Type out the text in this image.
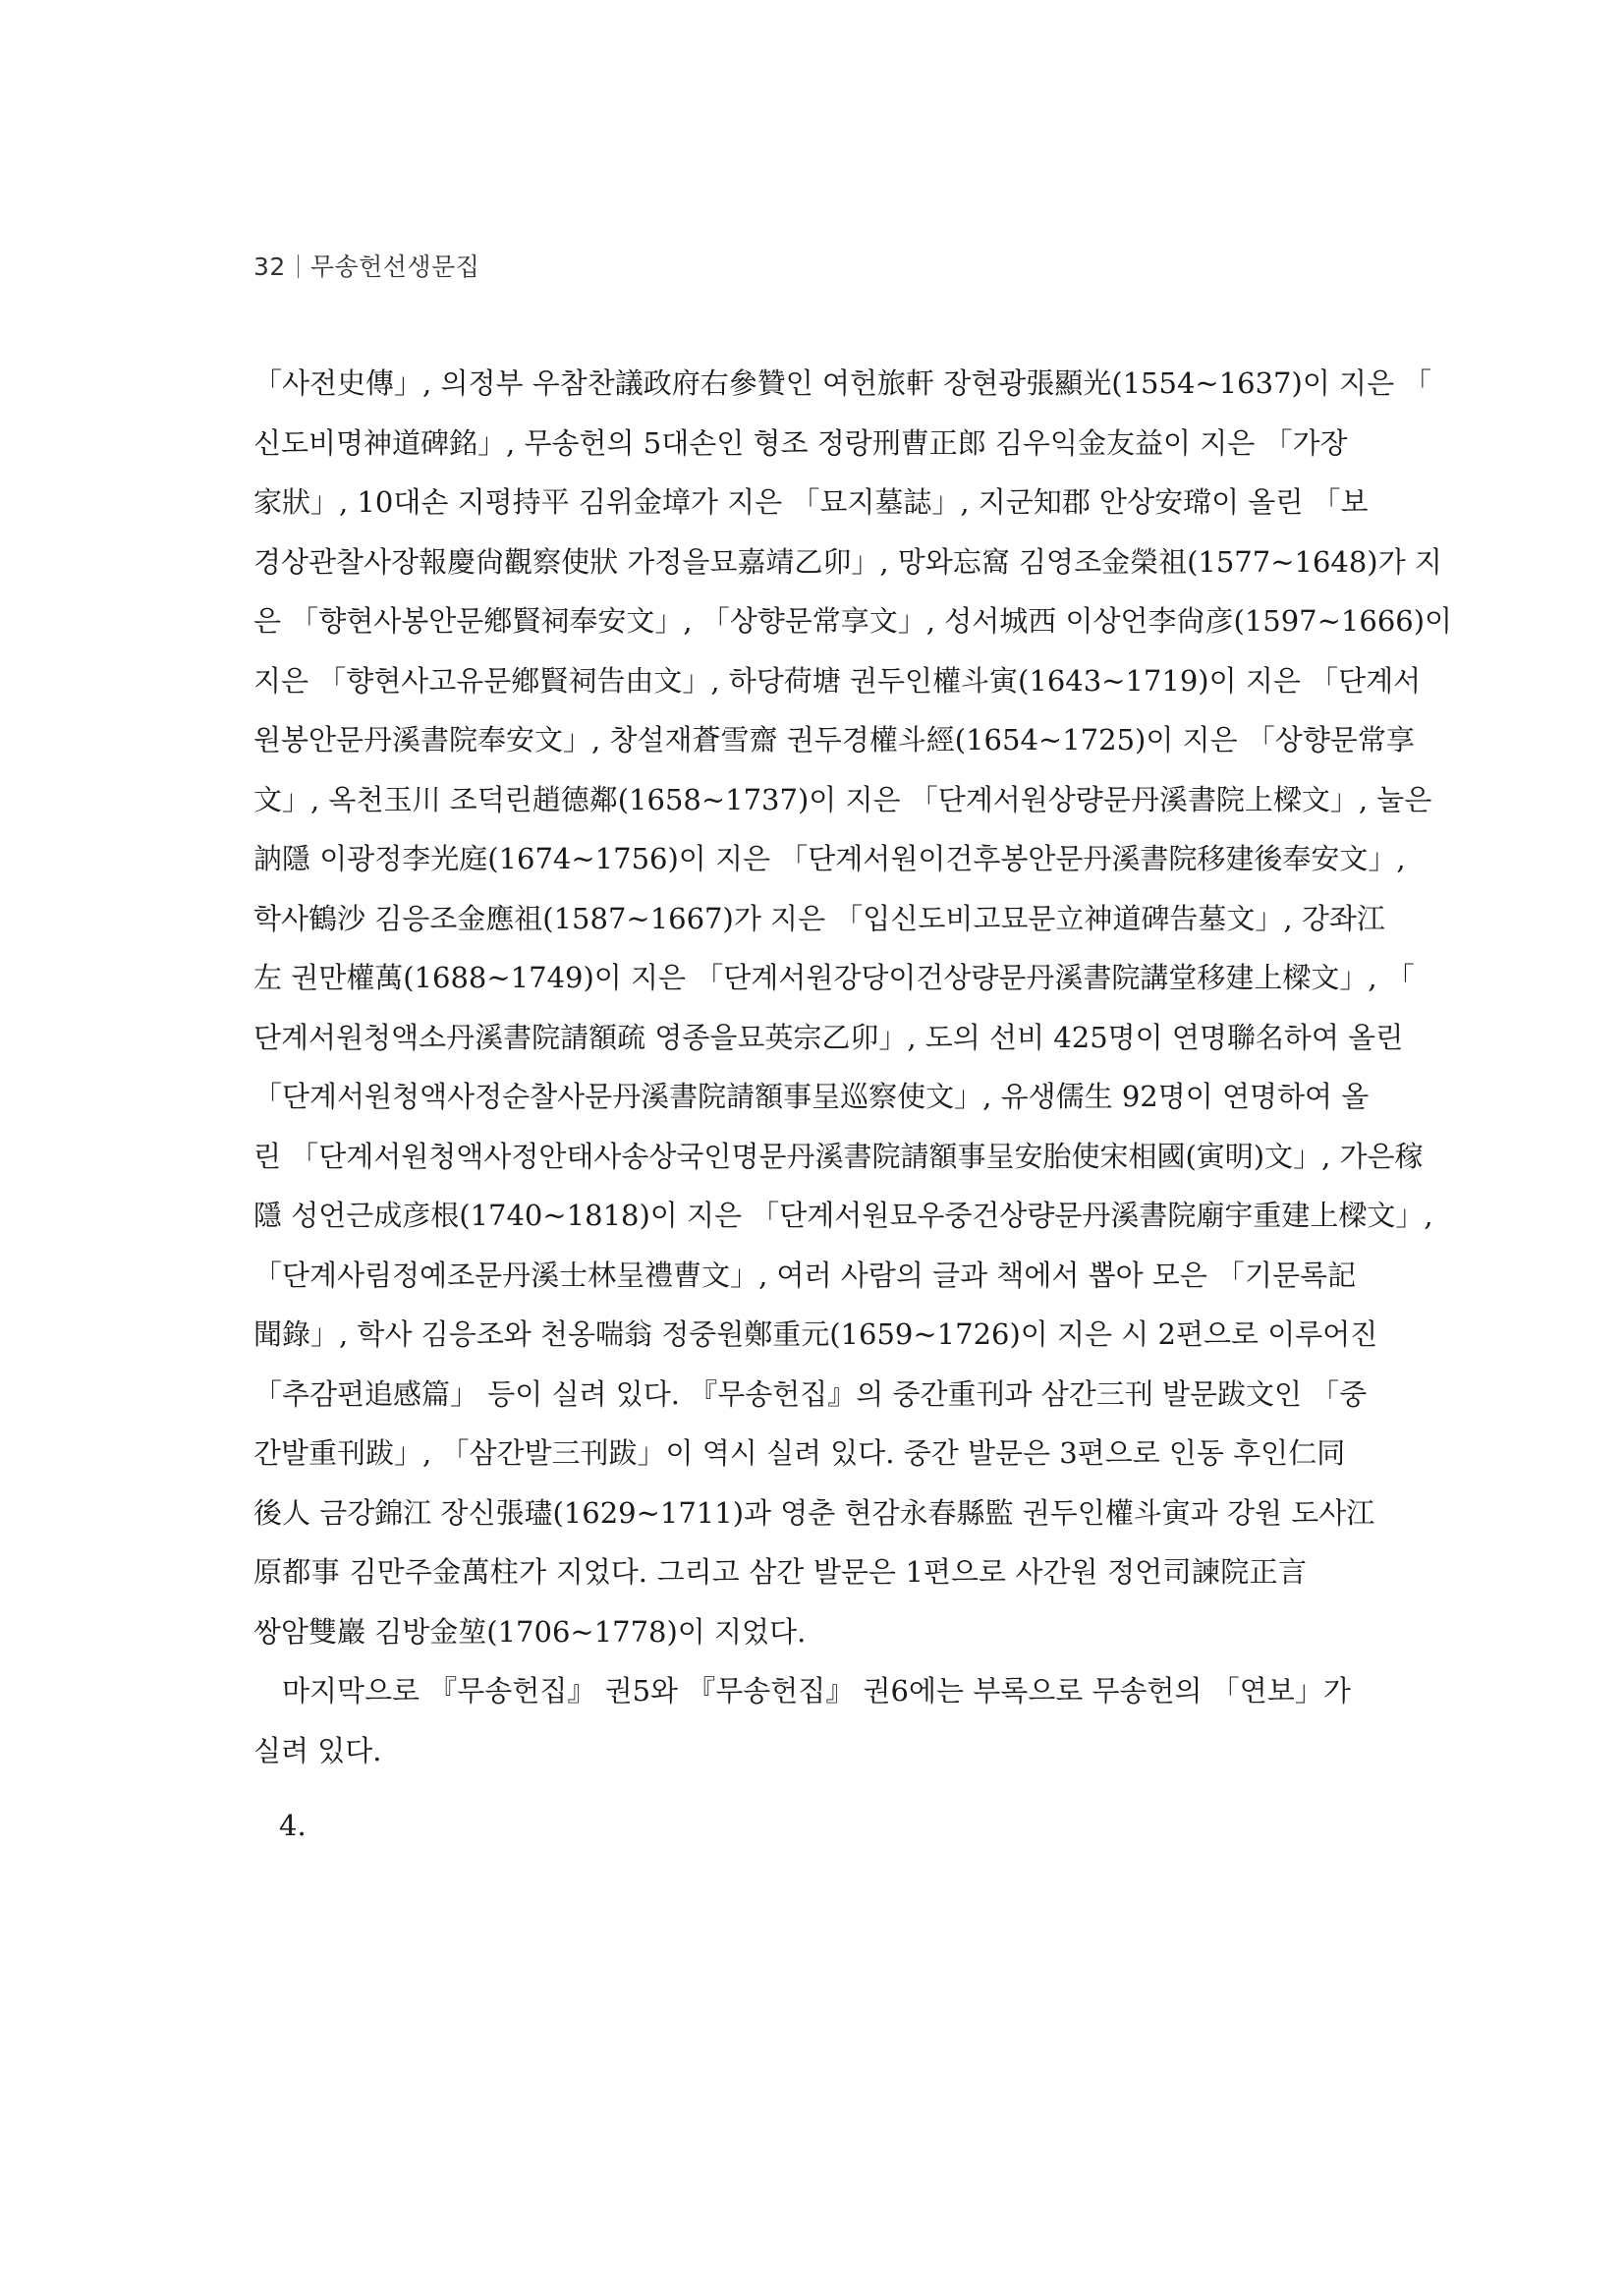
32 무송헌선생문집
「사전史傳」, 의정부 우참찬議政府右參贊인 여헌旅軒 장현광張顯光(1554~1637)이 지은 「
신도비명神道碑銘」, 무송헌의 5대손인 형조 정랑刑曹正郎 김우익金友益이 지은 「가장
家狀」, 10대손 지평持平 김위金墇가 지은 「묘지墓誌」, 지군知郡 안상安瑺이 올린 「보
경상관찰사장報慶尙觀察使狀 가정을묘嘉靖乙卯」, 망와忘窩 김영조金榮祖(1577~1648)가 지
은 「향현사봉안문鄕賢祠奉安文」, 「상향문常享文」, 성서城西 이상언李尙彦(1597~1666)이
지은 「향현사고유문鄕賢祠告由文」, 하당荷塘 권두인權斗寅(1643~1719)이 지은 「단계서
원봉안문丹溪書院奉安文」, 창설재蒼雪齋 권두경權斗經(1654~1725)이 지은 「상향문常享
文」, 옥천玉川 조덕린趙德鄰(1658~1737)이 지은 「단계서원상량문丹溪書院上樑文」, 눌은
訥隱 이광정李光庭(1674~1756)이 지은 「단계서원이건후봉안문丹溪書院移建後奉安文」,
학사鶴沙 김응조金應祖(1587~1667)가 지은 「입신도비고묘문立神道碑告墓文」, 강좌江
左 권만權萬(1688~1749)이 지은 「단계서원강당이건상량문丹溪書院講堂移建上樑文」, 「
단계서원청액소丹溪書院請額疏 영종을묘英宗乙卯」, 도의 선비 425명이 연명聯名하여 올린
「단계서원청액사정순찰사문丹溪書院請額事呈巡察使文」, 유생儒生 92명이 연명하여 올
린 「단계서원청액사정안태사송상국인명문丹溪書院請額事呈安胎使宋相國(寅明)文」, 가은稼
隱 성언근成彦根(1740~1818)이 지은 「단계서원묘우중건상량문丹溪書院廟宇重建上樑文」,
「단계사림정예조문丹溪士林呈禮曹文」, 여러 사람의 글과 책에서 뽑아 모은 「기문록記
聞錄」, 학사 김응조와 천옹喘翁 정중원鄭重元(1659~1726)이 지은 시 2편으로 이루어진
「추감편追感篇」 등이 실려 있다. 『무송헌집』의 중간重刊과 삼간三刊 발문跋文인 「중
간발重刊跋」, 「삼간발三刊跋」이 역시 실려 있다. 중간 발문은 3편으로 인동 후인仁同
後人 금강錦江 장신張璶(1629~1711)과 영춘 현감永春縣監 권두인權斗寅과 강원 도사江
原都事 김만주金萬柱가 지었다. 그리고 삼간 발문은 1편으로 사간원 정언司諫院正言
쌍암雙巖 김방金堃(1706~1778)이 지었다.
마지막으로 『무송헌집』 권5와 『무송헌집』 권6에는 부록으로 무송헌의 「연보」가
실려 있다.
4.
